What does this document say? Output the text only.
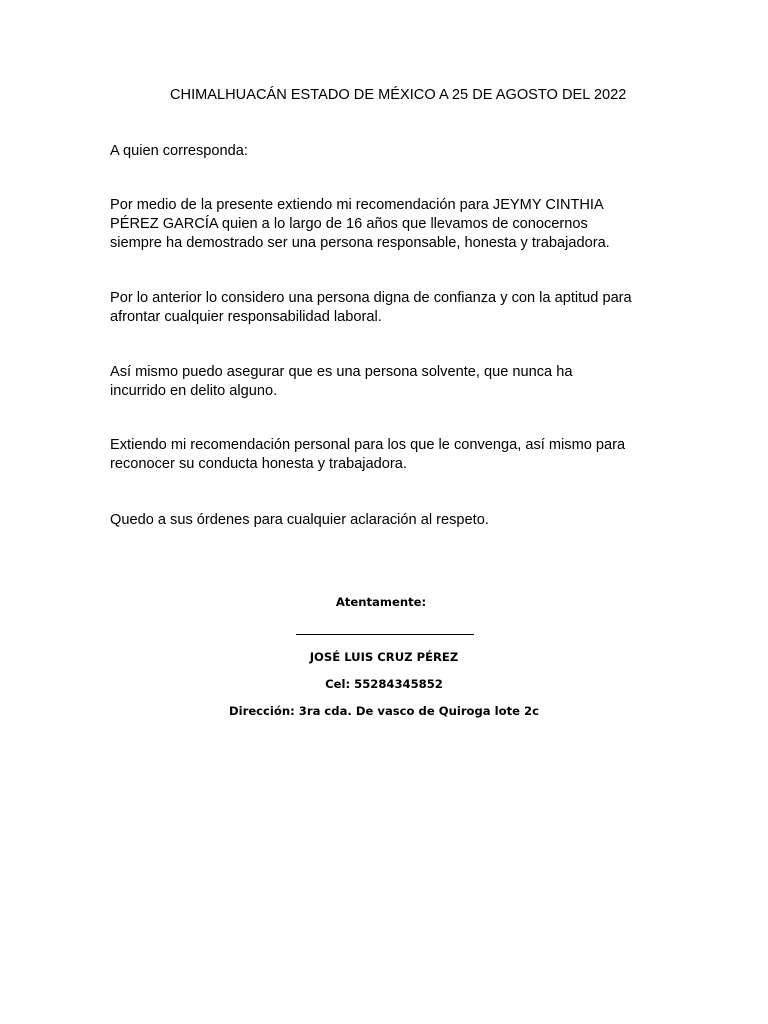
CHIMALHUACÁN ESTADO DE MÉXICO A 25 DE AGOSTO DEL 2022
A quien corresponda:
Por medio de la presente extiendo mi recomendación para JEYMY CINTHIA PÉREZ GARCÍA quien a lo largo de 16 años que llevamos de conocernos siempre ha demostrado ser una persona responsable, honesta y trabajadora.
Por lo anterior lo considero una persona digna de confianza y con la aptitud para afrontar cualquier responsabilidad laboral.
Así mismo puedo asegurar que es una persona solvente, que nunca ha incurrido en delito alguno.
Extiendo mi recomendación personal para los que le convenga, así mismo para reconocer su conducta honesta y trabajadora.
Quedo a sus órdenes para cualquier aclaración al respeto.
Atentamente:
JOSÉ LUIS CRUZ PÉREZ
Cel: 55284345852
Dirección: 3ra cda. De vasco de Quiroga lote 2c
